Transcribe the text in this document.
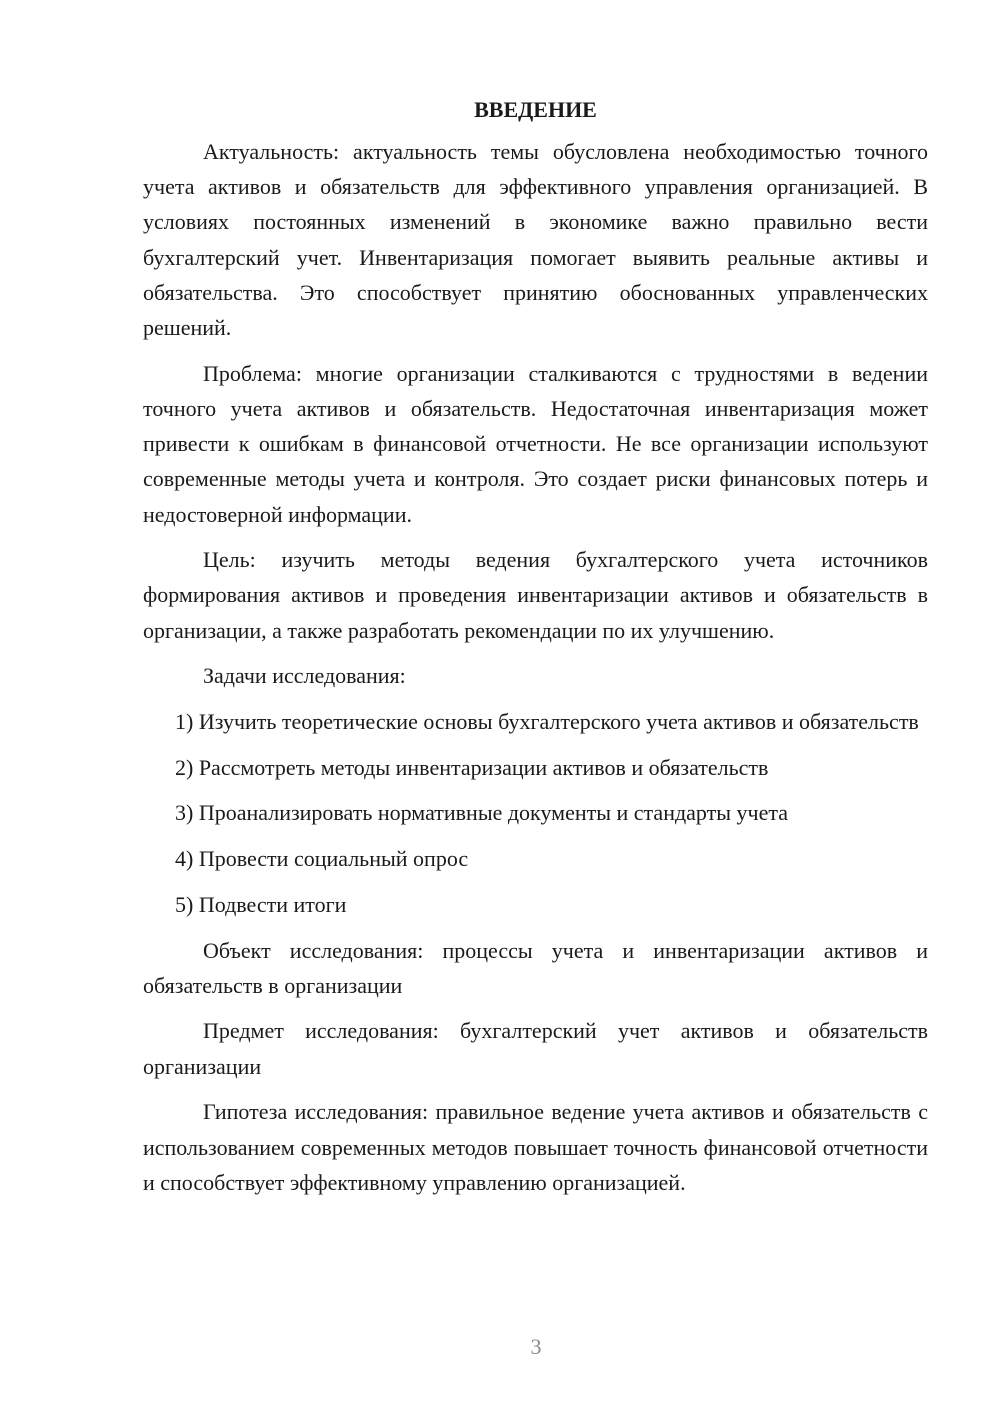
ВВЕДЕНИЕ

Актуальность: актуальность темы обусловлена необходимостью точного учета активов и обязательств для эффективного управления организацией. В условиях постоянных изменений в экономике важно правильно вести бухгалтерский учет. Инвентаризация помогает выявить реальные активы и обязательства. Это способствует принятию обоснованных управленческих решений.

Проблема: многие организации сталкиваются с трудностями в ведении точного учета активов и обязательств. Недостаточная инвентаризация может привести к ошибкам в финансовой отчетности. Не все организации используют современные методы учета и контроля. Это создает риски финансовых потерь и недостоверной информации.

Цель: изучить методы ведения бухгалтерского учета источников формирования активов и проведения инвентаризации активов и обязательств в организации, а также разработать рекомендации по их улучшению.

Задачи исследования:

1) Изучить теоретические основы бухгалтерского учета активов и обязательств

2) Рассмотреть методы инвентаризации активов и обязательств

3) Проанализировать нормативные документы и стандарты учета

4) Провести социальный опрос

5) Подвести итоги

Объект исследования: процессы учета и инвентаризации активов и обязательств в организации

Предмет исследования: бухгалтерский учет активов и обязательств организации

Гипотеза исследования: правильное ведение учета активов и обязательств с использованием современных методов повышает точность финансовой отчетности и способствует эффективному управлению организацией.

3
